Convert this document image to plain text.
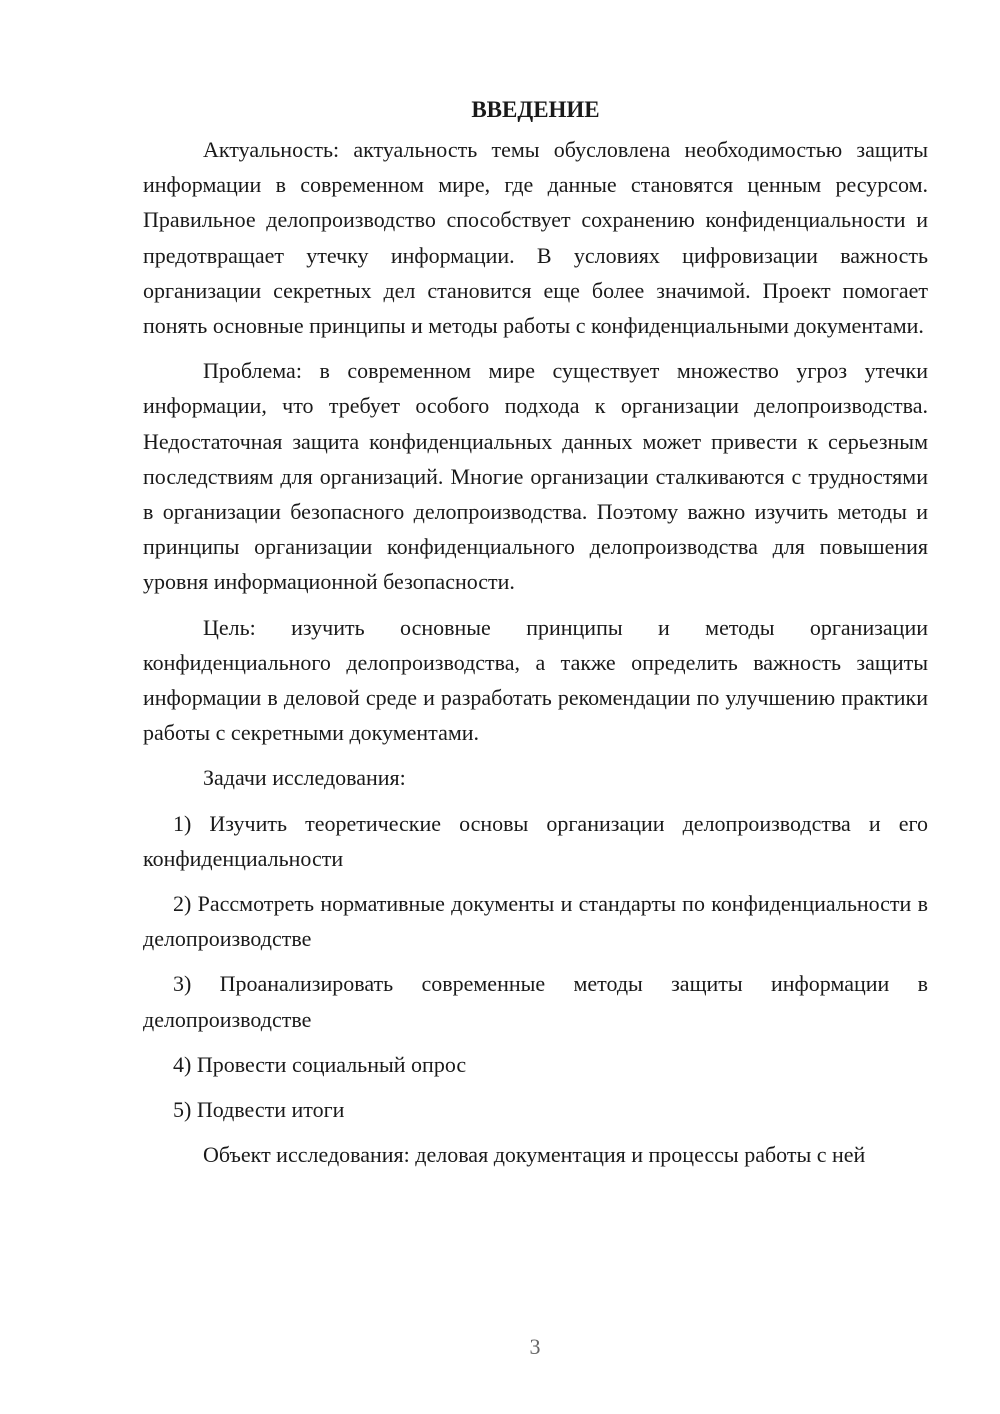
ВВЕДЕНИЕ

Актуальность: актуальность темы обусловлена необходимостью защиты информации в современном мире, где данные становятся ценным ресурсом. Правильное делопроизводство способствует сохранению конфиденциальности и предотвращает утечку информации. В условиях цифровизации важность организации секретных дел становится еще более значимой. Проект помогает понять основные принципы и методы работы с конфиденциальными документами.

Проблема: в современном мире существует множество угроз утечки информации, что требует особого подхода к организации делопроизводства. Недостаточная защита конфиденциальных данных может привести к серьезным последствиям для организаций. Многие организации сталкиваются с трудностями в организации безопасного делопроизводства. Поэтому важно изучить методы и принципы организации конфиденциального делопроизводства для повышения уровня информационной безопасности.

Цель: изучить основные принципы и методы организации конфиденциального делопроизводства, а также определить важность защиты информации в деловой среде и разработать рекомендации по улучшению практики работы с секретными документами.

Задачи исследования:

1) Изучить теоретические основы организации делопроизводства и его конфиденциальности

2) Рассмотреть нормативные документы и стандарты по конфиденциальности в делопроизводстве

3) Проанализировать современные методы защиты информации в делопроизводстве

4) Провести социальный опрос

5) Подвести итоги

Объект исследования: деловая документация и процессы работы с ней

3
